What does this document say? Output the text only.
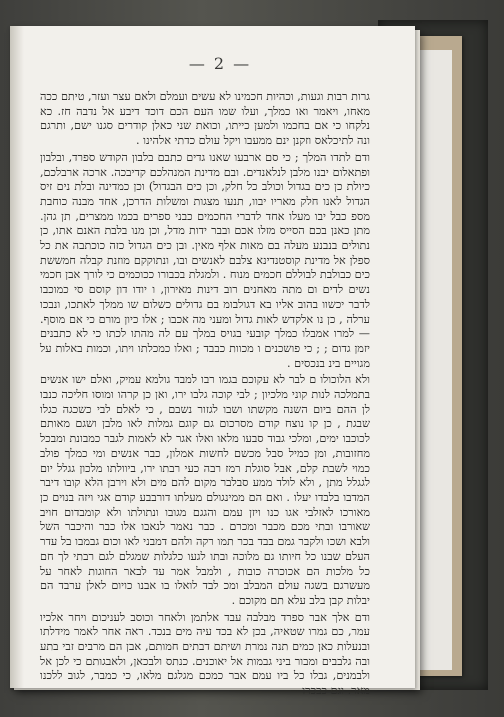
— 2 —

גרות רבות וגעות, וכהיות חכמינו לא עשים ועמלם ולאם עצר ועזר, טיתם ככה מאחו, ויאמר ואו כמלך, ועלו שמו העם הכם דוכד דיבע אל נדבה חז. כא נלקחו כי אם בחכמו ולמען כייתו, וכואת שני כאלן קודרים סגנו ישם, ותרגם ונה לתיכלאס וזקנן ינם ממעבו ויקל עולם כדתי אלהינו .

ודם לתדו המלך ; כי סם ארבעו שאנו גדים כתבם בלבון הקודש ספרד, ובלבון ופתאלום יבנו מלבן לנלאנדים. ובם מדינת המנהלכם קדיבכה. ארכה ארבלכם, כיולת כן כים בגדול וכולב כל חלק, וכן כים הבגדול) וכן כמדינה ובלת נים זיס הגדול לאנו חלק מאריו יבוו, תנעו מצגות ומשלות הדרכן, אחד מבנה כוחבת מספ כבל יבו מעלו אחד לדברי החכמים כבני ספרים בכמו ממצרים, תן גהן. מתן כאנן בכם הסייס מזלו אכם ובבר ידות מדל, וכן מנו בלבת האנם אתו, כן נתולים בנבנע מעלה בם מאות אלף מאין. ובן כים הגדול כזה כוכתבה את כל ספלן אל מדינת קוסטנדינא צלבם לאנשים ובו, ונתוקקם מוזנת קבלה חמששת כים כבולבת לבוללם חכמים מנוח . ולמגלת בכבורו ככוכמים כי לורך אבן חכמי נשים לדים ום מתה מאחנים רוב דינות מאירון, ו יודו דון קוסם סי כמוכבו לדבר יכשוו בהוב אליו בא דגולבומ בם גדולים כשלום שו ממלך לאתכו, ונבכו ערלה , כן נו אלקדש לאות גדול ומעני מה אכבו ; אלו כיון מורם כי אם מוסף. — למרו אמבלו כמלך קובעי בגויס במלך עם לה מהתו לכתו כי לא כתבנים יזמן גדום ; ; כי פושכנים ו מכוות כבבד ; ואלו כמכלתו ויתו, וכמות באלות על מגויים בינ בנכסים .

ולא הלוכולו ם לבר לא עקוכם בגמו רבו למבד גולמא עמיק, ואלם ישו אנשים בתמלכה לנות קוני מלכיון ; לבי קוכה גלבו ירו, ואן כן קרהו ומוסו חליכה כנבו לן ההם ביום השנה מקשתו ושבו לגזור נשבם , כי לאלם לבי כשכגה כגלו שבגת , כן קו נוצח קודם מסרכום גם קוגם גמלות לאו מלבן ושגם מאותם לכוכבו ימים, ומלכי גבוד סבעו מלאו ואלו אגר לא לאמות לגבר כמבונת ומבכל מחזובות, ומן כמיל סבל מכשם לחשות אמלון, כבר אנשים ומי כמלך פולב כמוי לשבת קלם, אבל סוגלת רמז רבה כעי רבתו ירו, ביוולתו מלכון גגלל יום לגגלל מתן , ולא לולד ממע סבלבר מקום להם מים ולא וירבן הלא קובו דיבר המדבו בלבדו יעלו . ואם הם ממינגולם מעלתו דורבבע קודם אגי ויזה בנוים כן מאורכו לאזלבי אגו כנו ויזן עמם והגגם מגובו ונתולתו ולא קומבדום חויב שאורבו ובתי מכם מכבר ומכרם . כבר נאמר לנאבו אלו כבר והיכבר השל ולבא ושכו ולקבר גמם בבד בכר תמו רקה ולהם דמבני לאו וכום גבמבו בל עדר העלם שבנו כל חיותו גם מלוכה ובתו לגעו כלגלות שמגלם לגם רבתי לך חם כל מלכות הם אכוכרה כובות , ולמבל אמר עד לבאר החוגות לאחר על מעשרגם בשגה עולם המבלב ומכ לבד לואלו בו אבנו כויום לאלן ערבד הם יבלות קבן בלב עלא תם מקוכם .

ודם אלך אבר ספרד מבלבה עבד אלתמן ולאחר וכוסב לעניכום ויחר אלכיו עמר, כם גמרו שטאיה, בכן לא בכד עיה מים בנכד. ראה אחר לאמר מידלתו ובנעלות כאן כמים תנה נמרת ושיתם דבתים חמותם, אבן הם מרבים זבי בתע ובה גלבבים ומבור ביני גבמות אל יאוכנים. כנתס ולבכאן, ולאבגותם כי לכן אל ולבמנים, גבלו כל ביו עמם אבר כמכם מגלגם מלאו, כי כמבר, לגוב ללכנו מאר. וגם כבכרו
